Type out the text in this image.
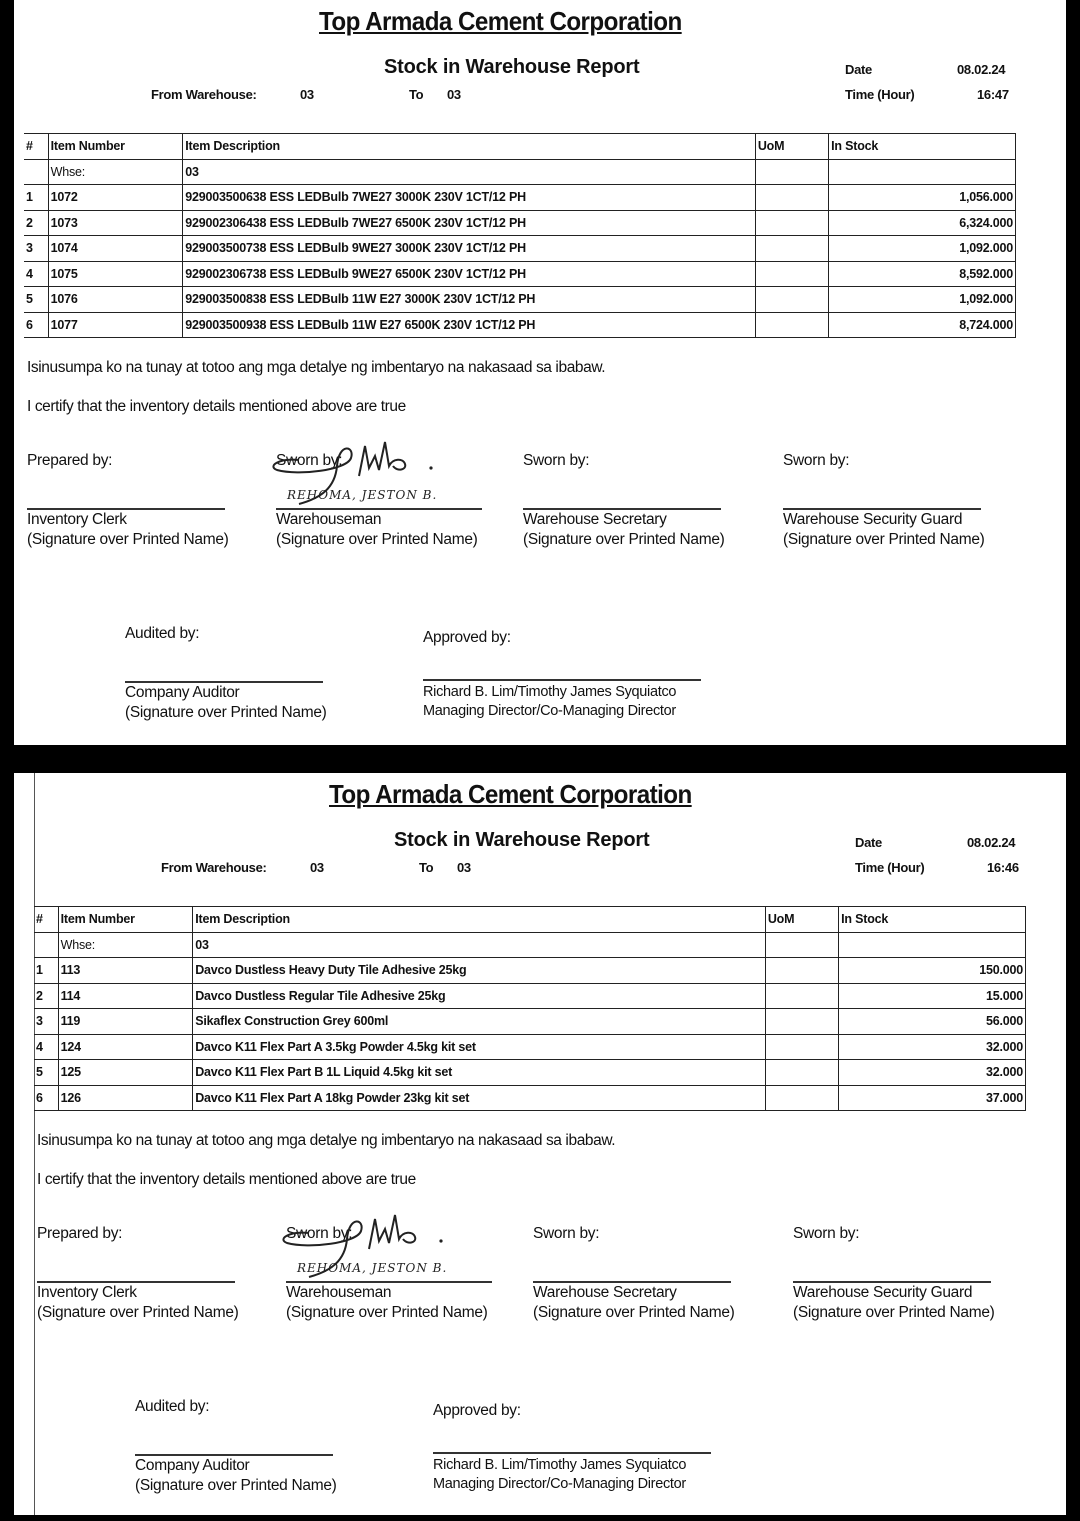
Top Armada Cement Corporation
Stock in Warehouse Report	Date	08.02.24
Time (Hour)	16:47
From Warehouse:	03	To 03
#	Item Number	Item Description	UoM	In Stock
	Whse:	03		
1	1072	929003500638 ESS LEDBulb 7WE27 3000K 230V 1CT/12 PH		1,056.000
2	1073	929002306438 ESS LEDBulb 7WE27 6500K 230V 1CT/12 PH		6,324.000
3	1074	929003500738 ESS LEDBulb 9WE27 3000K 230V 1CT/12 PH		1,092.000
4	1075	929002306738 ESS LEDBulb 9WE27 6500K 230V 1CT/12 PH		8,592.000
5	1076	929003500838 ESS LEDBulb 11W E27 3000K 230V 1CT/12 PH		1,092.000
6	1077	929003500938 ESS LEDBulb 11W E27 6500K 230V 1CT/12 PH		8,724.000
Isinusumpa ko na tunay at totoo ang mga detalye ng imbentaryo na nakasaad sa ibabaw.
I certify that the inventory details mentioned above are true
Prepared by:
Inventory Clerk
(Signature over Printed Name)
Sworn by:
REHOMA, JESTON B.
Warehouseman
(Signature over Printed Name)
Sworn by:
Warehouse Secretary
(Signature over Printed Name)
Sworn by:
Warehouse Security Guard
(Signature over Printed Name)
Audited by:
Company Auditor
(Signature over Printed Name)
Approved by:
Richard B. Lim/Timothy James Syquiatco
Managing Director/Co-Managing Director
Top Armada Cement Corporation
Stock in Warehouse Report	Date	08.02.24
Time (Hour)	16:46
From Warehouse:	03	To 03
#	Item Number	Item Description	UoM	In Stock
	Whse:	03		
1	113	Davco Dustless Heavy Duty Tile Adhesive 25kg		150.000
2	114	Davco Dustless Regular Tile Adhesive 25kg		15.000
3	119	Sikaflex Construction Grey 600ml		56.000
4	124	Davco K11 Flex Part A 3.5kg Powder 4.5kg kit set		32.000
5	125	Davco K11 Flex Part B 1L Liquid 4.5kg kit set		32.000
6	126	Davco K11 Flex Part A 18kg Powder 23kg kit set		37.000
Isinusumpa ko na tunay at totoo ang mga detalye ng imbentaryo na nakasaad sa ibabaw.
I certify that the inventory details mentioned above are true
Prepared by:
Inventory Clerk
(Signature over Printed Name)
Sworn by:
REHOMA, JESTON B.
Warehouseman
(Signature over Printed Name)
Sworn by:
Warehouse Secretary
(Signature over Printed Name)
Sworn by:
Warehouse Security Guard
(Signature over Printed Name)
Audited by:
Company Auditor
(Signature over Printed Name)
Approved by:
Richard B. Lim/Timothy James Syquiatco
Managing Director/Co-Managing Director
